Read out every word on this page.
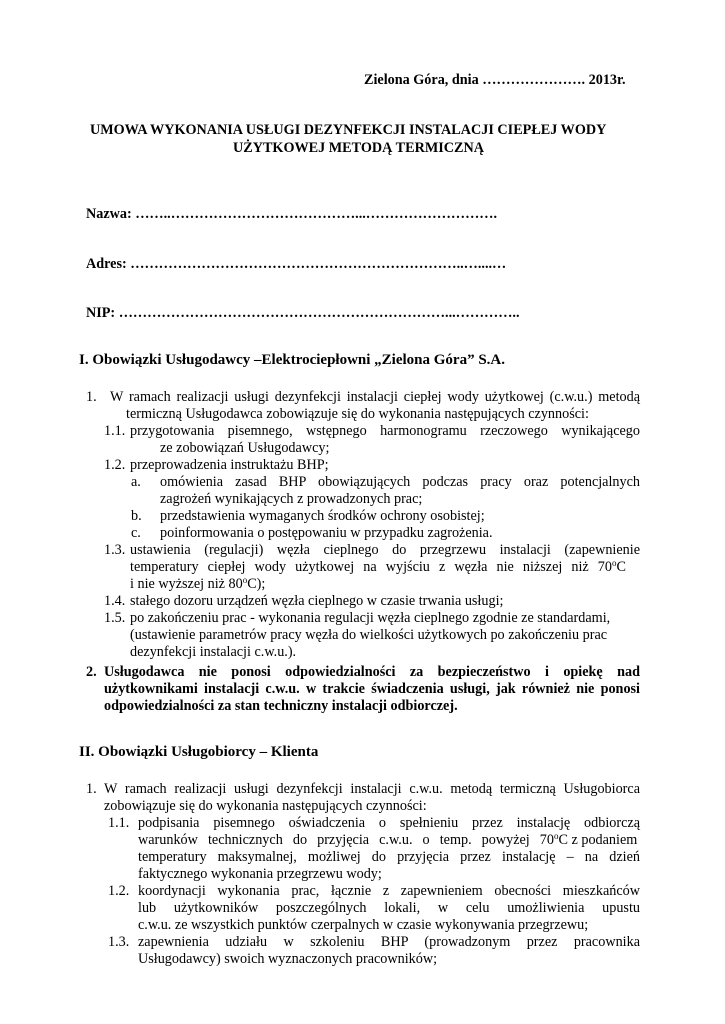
Zielona Góra, dnia …………………. 2013r.
UMOWA WYKONANIA USŁUGI DEZYNFEKCJI INSTALACJI CIEPŁEJ WODY
UŻYTKOWEJ METODĄ TERMICZNĄ
Nazwa: ……..…………………………………...……………………….
Adres: ……………………………………………………………..…....…
NIP: ……………………………………………………………...…………..
I. Obowiązki Usługodawcy –Elektrociepłowni „Zielona Góra” S.A.
1. W ramach realizacji usługi dezynfekcji instalacji ciepłej wody użytkowej (c.w.u.) metodą
termiczną Usługodawca zobowiązuje się do wykonania następujących czynności:
1.1. przygotowania pisemnego, wstępnego harmonogramu rzeczowego wynikającego
ze zobowiązań Usługodawcy;
1.2. przeprowadzenia instruktażu BHP;
a. omówienia zasad BHP obowiązujących podczas pracy oraz potencjalnych
zagrożeń wynikających z prowadzonych prac;
b. przedstawienia wymaganych środków ochrony osobistej;
c. poinformowania o postępowaniu w przypadku zagrożenia.
1.3. ustawienia (regulacji) węzła cieplnego do przegrzewu instalacji (zapewnienie
temperatury ciepłej wody użytkowej na wyjściu z węzła nie niższej niż 70$^o$C
i nie wyższej niż 80$^o$C);
1.4. stałego dozoru urządzeń węzła cieplnego w czasie trwania usługi;
1.5. po zakończeniu prac - wykonania regulacji węzła cieplnego zgodnie ze standardami,
(ustawienie parametrów pracy węzła do wielkości użytkowych po zakończeniu prac
dezynfekcji instalacji c.w.u.).
2. Usługodawca nie ponosi odpowiedzialności za bezpieczeństwo i opiekę nad
użytkownikami instalacji c.w.u. w trakcie świadczenia usługi, jak również nie ponosi
odpowiedzialności za stan techniczny instalacji odbiorczej.
II. Obowiązki Usługobiorcy – Klienta
1. W ramach realizacji usługi dezynfekcji instalacji c.w.u. metodą termiczną Usługobiorca
zobowiązuje się do wykonania następujących czynności:
1.1. podpisania pisemnego oświadczenia o spełnieniu przez instalację odbiorczą
warunków technicznych do przyjęcia c.w.u. o temp. powyżej 70$^o$C z podaniem
temperatury maksymalnej, możliwej do przyjęcia przez instalację – na dzień
faktycznego wykonania przegrzewu wody;
1.2. koordynacji wykonania prac, łącznie z zapewnieniem obecności mieszkańców
lub użytkowników poszczególnych lokali, w celu umożliwienia upustu
c.w.u. ze wszystkich punktów czerpalnych w czasie wykonywania przegrzewu;
1.3. zapewnienia udziału w szkoleniu BHP (prowadzonym przez pracownika
Usługodawcy) swoich wyznaczonych pracowników;
